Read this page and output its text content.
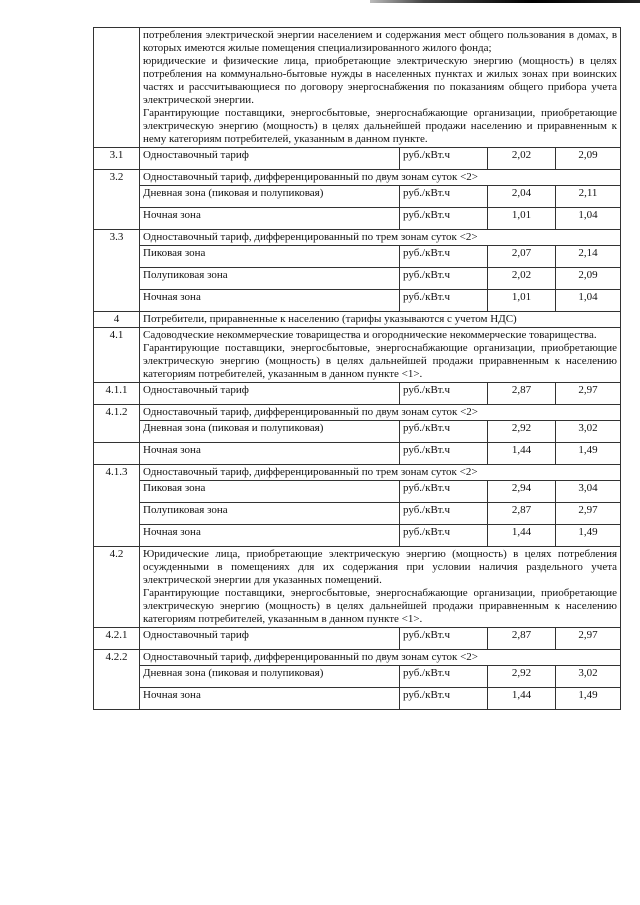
	потребления электрической энергии населением и содержания мест общего пользования в домах, в которых имеются жилые помещения специализированного жилого фонда;

юридические и физические лица, приобретающие электрическую энергию (мощность) в целях потребления на коммунально-бытовые нужды в населенных пунктах и жилых зонах при воинских частях и рассчитывающиеся по договору энергоснабжения по показаниям общего прибора учета электрической энергии.

Гарантирующие поставщики, энергосбытовые, энергоснабжающие организации, приобретающие электрическую энергию (мощность) в целях дальнейшей продажи населению и приравненным к нему категориям потребителей, указанным в данном пункте.			

3.1	Одноставочный тариф	руб./кВт.ч	2,02	2,09
3.2	Одноставочный тариф, дифференцированный по двум зонам суток <2>			
	Дневная зона (пиковая и полупиковая)	руб./кВт.ч	2,04	2,11
	Ночная зона	руб./кВт.ч	1,01	1,04
3.3	Одноставочный тариф, дифференцированный по трем зонам суток <2>			
	Пиковая зона	руб./кВт.ч	2,07	2,14
	Полупиковая зона	руб./кВт.ч	2,02	2,09
	Ночная зона	руб./кВт.ч	1,01	1,04
4	Потребители, приравненные к населению (тарифы указываются с учетом НДС)			
4.1	Садоводческие некоммерческие товарищества и огороднические некоммерческие товарищества.

Гарантирующие поставщики, энергосбытовые, энергоснабжающие организации, приобретающие электрическую энергию (мощность) в целях дальнейшей продажи приравненным к населению категориям потребителей, указанным в данном пункте <1>.			

4.1.1	Одноставочный тариф	руб./кВт.ч	2,87	2,97
4.1.2	Одноставочный тариф, дифференцированный по двум зонам суток <2>			
	Дневная зона (пиковая и полупиковая)	руб./кВт.ч	2,92	3,02
	Ночная зона	руб./кВт.ч	1,44	1,49
4.1.3	Одноставочный тариф, дифференцированный по трем зонам суток <2>			
	Пиковая зона	руб./кВт.ч	2,94	3,04
	Полупиковая зона	руб./кВт.ч	2,87	2,97
	Ночная зона	руб./кВт.ч	1,44	1,49
4.2	Юридические лица, приобретающие электрическую энергию (мощность) в целях потребления осужденными в помещениях для их содержания при условии наличия раздельного учета электрической энергии для указанных помещений.

Гарантирующие поставщики, энергосбытовые, энергоснабжающие организации, приобретающие электрическую энергию (мощность) в целях дальнейшей продажи приравненным к населению категориям потребителей, указанным в данном пункте <1>.			

4.2.1	Одноставочный тариф	руб./кВт.ч	2,87	2,97
4.2.2	Одноставочный тариф, дифференцированный по двум зонам суток <2>			
	Дневная зона (пиковая и полупиковая)	руб./кВт.ч	2,92	3,02
	Ночная зона	руб./кВт.ч	1,44	1,49
